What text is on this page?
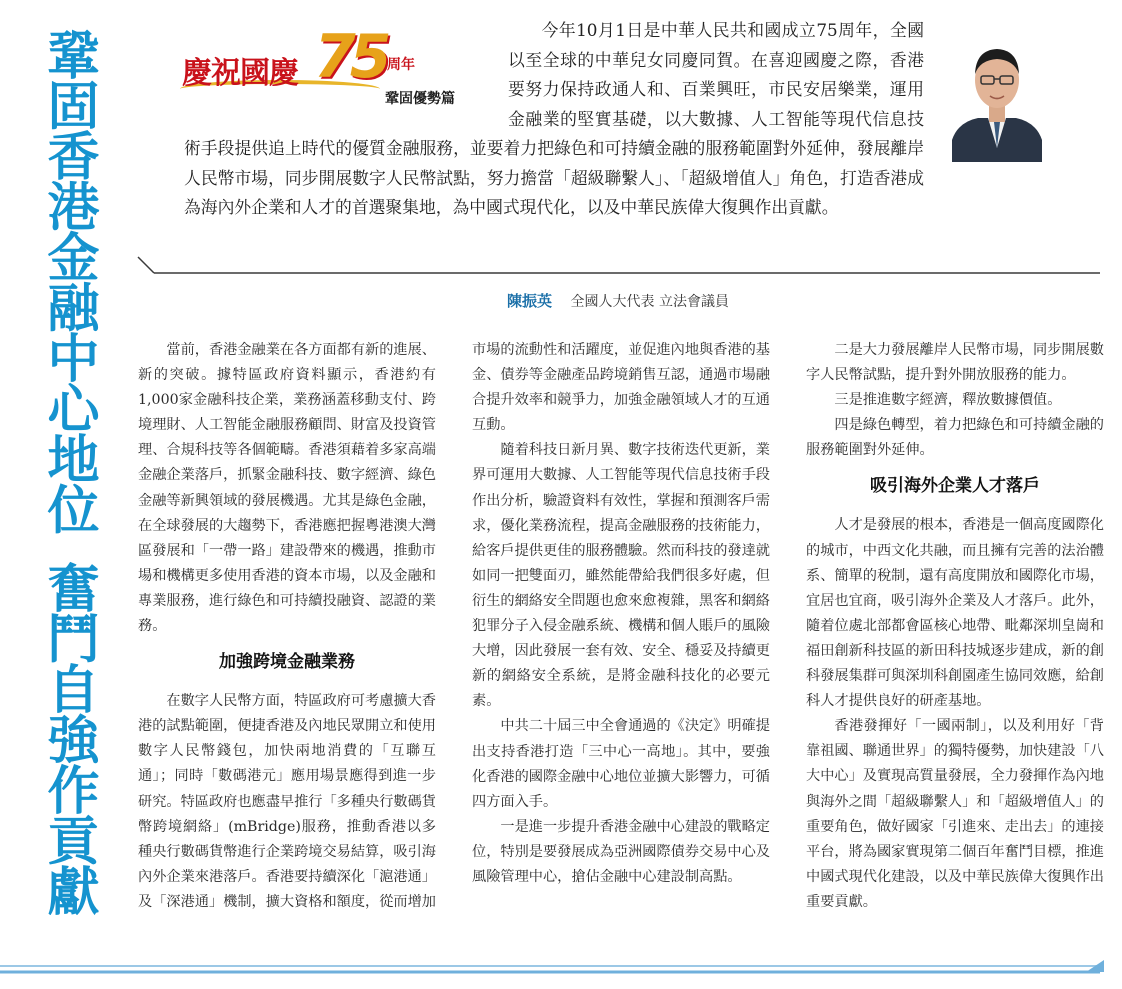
鞏固香港金融中心地位奮鬥自強作貢獻

今年10月1日是中華人民共和國成立75周年，全國以至全球的中華兒女同慶同賀。在喜迎國慶之際，香港要努力保持政通人和、百業興旺，市民安居樂業，運用金融業的堅實基礎，以大數據、人工智能等現代信息技術手段提供追上時代的優質金融服務，並要着力把綠色和可持續金融的服務範圍對外延伸，發展離岸人民幣市場，同步開展數字人民幣試點，努力擔當「超級聯繫人」、「超級增值人」角色，打造香港成為海內外企業和人才的首選聚集地，為中國式現代化，以及中華民族偉大復興作出貢獻。

慶祝國慶 75 周年
鞏固優勢篇
陳振英 全國人大代表 立法會議員

當前，香港金融業在各方面都有新的進展、新的突破。據特區政府資料顯示，香港約有1,000家金融科技企業，業務涵蓋移動支付、跨境理財、人工智能金融服務顧問、財富及投資管理、合規科技等各個範疇。香港須藉着多家高端金融企業落戶，抓緊金融科技、數字經濟、綠色金融等新興領域的發展機遇。尤其是綠色金融，在全球發展的大趨勢下，香港應把握粵港澳大灣區發展和「一帶一路」建設帶來的機遇，推動市場和機構更多使用香港的資本市場，以及金融和專業服務，進行綠色和可持續投融資、認證的業務。

加強跨境金融業務

在數字人民幣方面，特區政府可考慮擴大香港的試點範圍，便捷香港及內地民眾開立和使用數字人民幣錢包，加快兩地消費的「互聯互通」；同時「數碼港元」應用場景應得到進一步研究。特區政府也應盡早推行「多種央行數碼貨幣跨境網絡」(mBridge)服務，推動香港以多種央行數碼貨幣進行企業跨境交易結算，吸引海內外企業來港落戶。香港要持續深化「滬港通」及「深港通」機制，擴大資格和額度，從而增加市場的流動性和活躍度，並促進內地與香港的基金、債券等金融產品跨境銷售互認，通過市場融合提升效率和競爭力，加強金融領域人才的互通互動。

隨着科技日新月異、數字技術迭代更新，業界可運用大數據、人工智能等現代信息技術手段作出分析，驗證資料有效性，掌握和預測客戶需求，優化業務流程，提高金融服務的技術能力，給客戶提供更佳的服務體驗。然而科技的發達就如同一把雙面刃，雖然能帶給我們很多好處，但衍生的網絡安全問題也愈來愈複雜，黑客和網絡犯罪分子入侵金融系統、機構和個人賬戶的風險大增，因此發展一套有效、安全、穩妥及持續更新的網絡安全系統，是將金融科技化的必要元素。

中共二十屆三中全會通過的《決定》明確提出支持香港打造「三中心一高地」。其中，要強化香港的國際金融中心地位並擴大影響力，可循四方面入手。

一是進一步提升香港金融中心建設的戰略定位，特別是要發展成為亞洲國際債券交易中心及風險管理中心，搶佔金融中心建設制高點。

二是大力發展離岸人民幣市場，同步開展數字人民幣試點，提升對外開放服務的能力。

三是推進數字經濟，釋放數據價值。

四是綠色轉型，着力把綠色和可持續金融的服務範圍對外延伸。

吸引海外企業人才落戶

人才是發展的根本，香港是一個高度國際化的城市，中西文化共融，而且擁有完善的法治體系、簡單的稅制，還有高度開放和國際化市場，宜居也宜商，吸引海外企業及人才落戶。此外，隨着位處北部都會區核心地帶、毗鄰深圳皇崗和福田創新科技區的新田科技城逐步建成，新的創科發展集群可與深圳科創園產生協同效應，給創科人才提供良好的研產基地。

香港發揮好「一國兩制」，以及利用好「背靠祖國、聯通世界」的獨特優勢，加快建設「八大中心」及實現高質量發展，全力發揮作為內地與海外之間「超級聯繫人」和「超級增值人」的重要角色，做好國家「引進來、走出去」的連接平台，將為國家實現第二個百年奮鬥目標，推進中國式現代化建設，以及中華民族偉大復興作出重要貢獻。
